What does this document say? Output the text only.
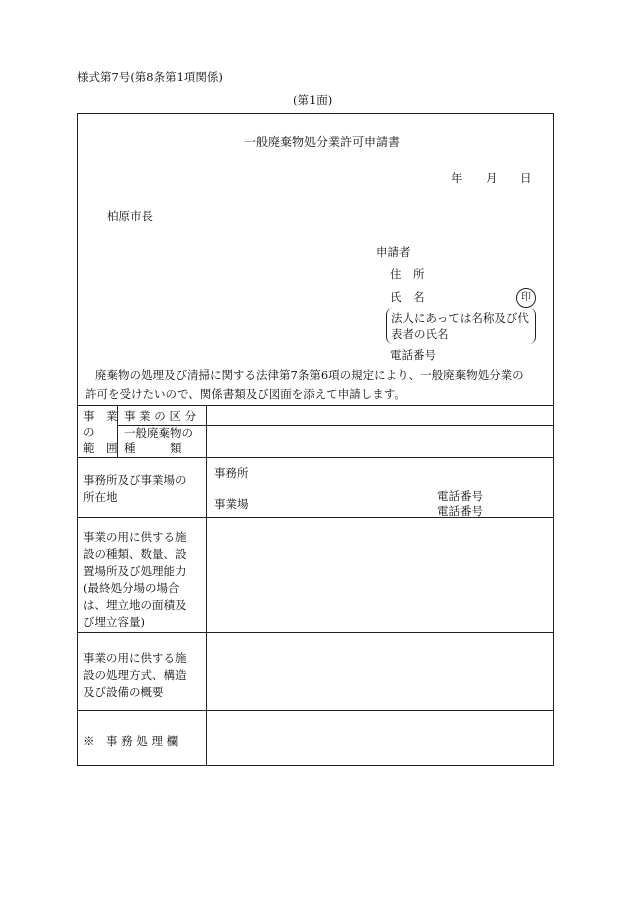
様式第7号(第8条第1項関係)
(第1面)
一般廃棄物処分業許可申請書
年 月 日
柏原市長
申請者
住　所
氏　名	印
法人にあっては名称及び代
表者の氏名
電話番号
廃棄物の処理及び清掃に関する法律第7条第6項の規定により、一般廃棄物処分業の
許可を受けたいので、関係書類及び図面を添えて申請します。
事　業
の
範　囲
事 業 の 区 分
一般廃棄物の
種　　　類
事務所及び事業場の
所在地
事務所
事業場
電話番号
電話番号
事業の用に供する施
設の種類、数量、設
置場所及び処理能力
(最終処分場の場合
は、埋立地の面積及
び埋立容量)
事業の用に供する施
設の処理方式、構造
及び設備の概要
※　事 務 処 理 欄
